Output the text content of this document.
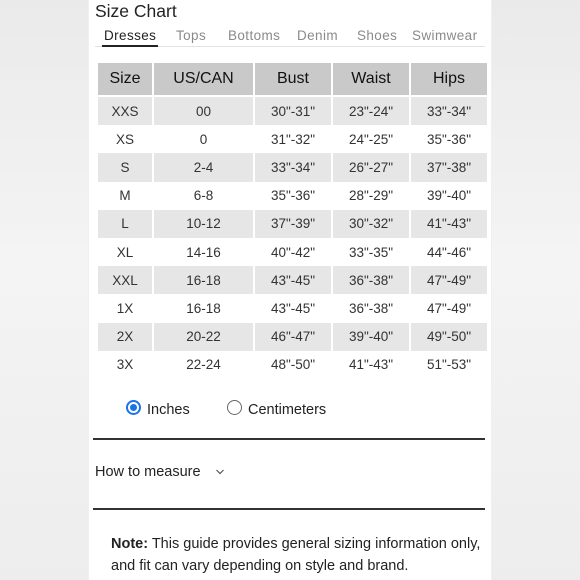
Size Chart
Dresses Tops Bottoms Denim Shoes Swimwear
Size	US/CAN	Bust	Waist	Hips
XXS	00	30"-31"	23"-24"	33"-34"
XS	0	31"-32"	24"-25"	35"-36"
S	2-4	33"-34"	26"-27"	37"-38"
M	6-8	35"-36"	28"-29"	39"-40"
L	10-12	37"-39"	30"-32"	41"-43"
XL	14-16	40"-42"	33"-35"	44"-46"
XXL	16-18	43"-45"	36"-38"	47"-49"
1X	16-18	43"-45"	36"-38"	47"-49"
2X	20-22	46"-47"	39"-40"	49"-50"
3X	22-24	48"-50"	41"-43"	51"-53"
Inches	Centimeters
How to measure
Note: This guide provides general sizing information only, and fit can vary depending on style and brand.
